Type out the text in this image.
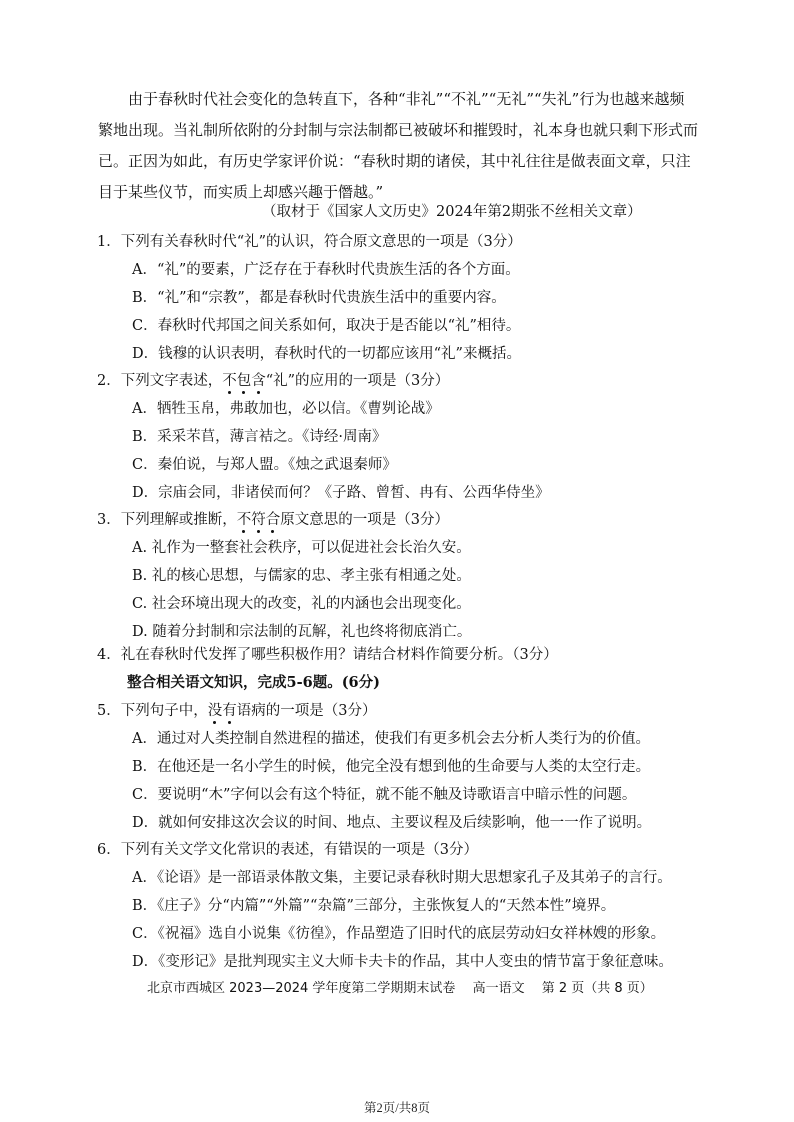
由于春秋时代社会变化的急转直下，各种“非礼”“不礼”“无礼”“失礼”行为也越来越频繁地出现。当礼制所依附的分封制与宗法制都已被破坏和摧毁时，礼本身也就只剩下形式而已。正因为如此，有历史学家评价说：“春秋时期的诸侯，其中礼往往是做表面文章，只注目于某些仪节，而实质上却感兴趣于僭越。”

（取材于《国家人文历史》2024年第2期张不丝相关文章）
1．下列有关春秋时代“礼”的认识，符合原文意思的一项是（3分）
A．“礼”的要素，广泛存在于春秋时代贵族生活的各个方面。
B．“礼”和“宗教”，都是春秋时代贵族生活中的重要内容。
C．春秋时代邦国之间关系如何，取决于是否能以“礼”相待。
D．钱穆的认识表明，春秋时代的一切都应该用“礼”来概括。
2．下列文字表述，不包含“礼”的应用的一项是（3分）
A．牺牲玉帛，弗敢加也，必以信。《曹刿论战》
B．采采芣苢，薄言袺之。《诗经·周南》
C．秦伯说，与郑人盟。《烛之武退秦师》
D．宗庙会同，非诸侯而何？《子路、曾皙、冉有、公西华侍坐》
3．下列理解或推断，不符合原文意思的一项是（3分）
A. 礼作为一整套社会秩序，可以促进社会长治久安。
B. 礼的核心思想，与儒家的忠、孝主张有相通之处。
C. 社会环境出现大的改变，礼的内涵也会出现变化。
D. 随着分封制和宗法制的瓦解，礼也终将彻底消亡。
4．礼在春秋时代发挥了哪些积极作用？请结合材料作简要分析。（3分）
整合相关语文知识，完成5-6题。(6分)
5．下列句子中，没有语病的一项是（3分）
A．通过对人类控制自然进程的描述，使我们有更多机会去分析人类行为的价值。
B．在他还是一名小学生的时候，他完全没有想到他的生命要与人类的太空行走。
C．要说明“木”字何以会有这个特征，就不能不触及诗歌语言中暗示性的问题。
D．就如何安排这次会议的时间、地点、主要议程及后续影响，他一一作了说明。
6．下列有关文学文化常识的表述，有错误的一项是（3分）
A．《论语》是一部语录体散文集，主要记录春秋时期大思想家孔子及其弟子的言行。
B．《庄子》分“内篇”“外篇”“杂篇”三部分，主张恢复人的“天然本性”境界。
C．《祝福》选自小说集《彷徨》，作品塑造了旧时代的底层劳动妇女祥林嫂的形象。
D．《变形记》是批判现实主义大师卡夫卡的作品，其中人变虫的情节富于象征意味。
北京市西城区 2023—2024 学年度第二学期期末试卷　 高一语文　 第 2 页（共 8 页）
第2页/共8页
